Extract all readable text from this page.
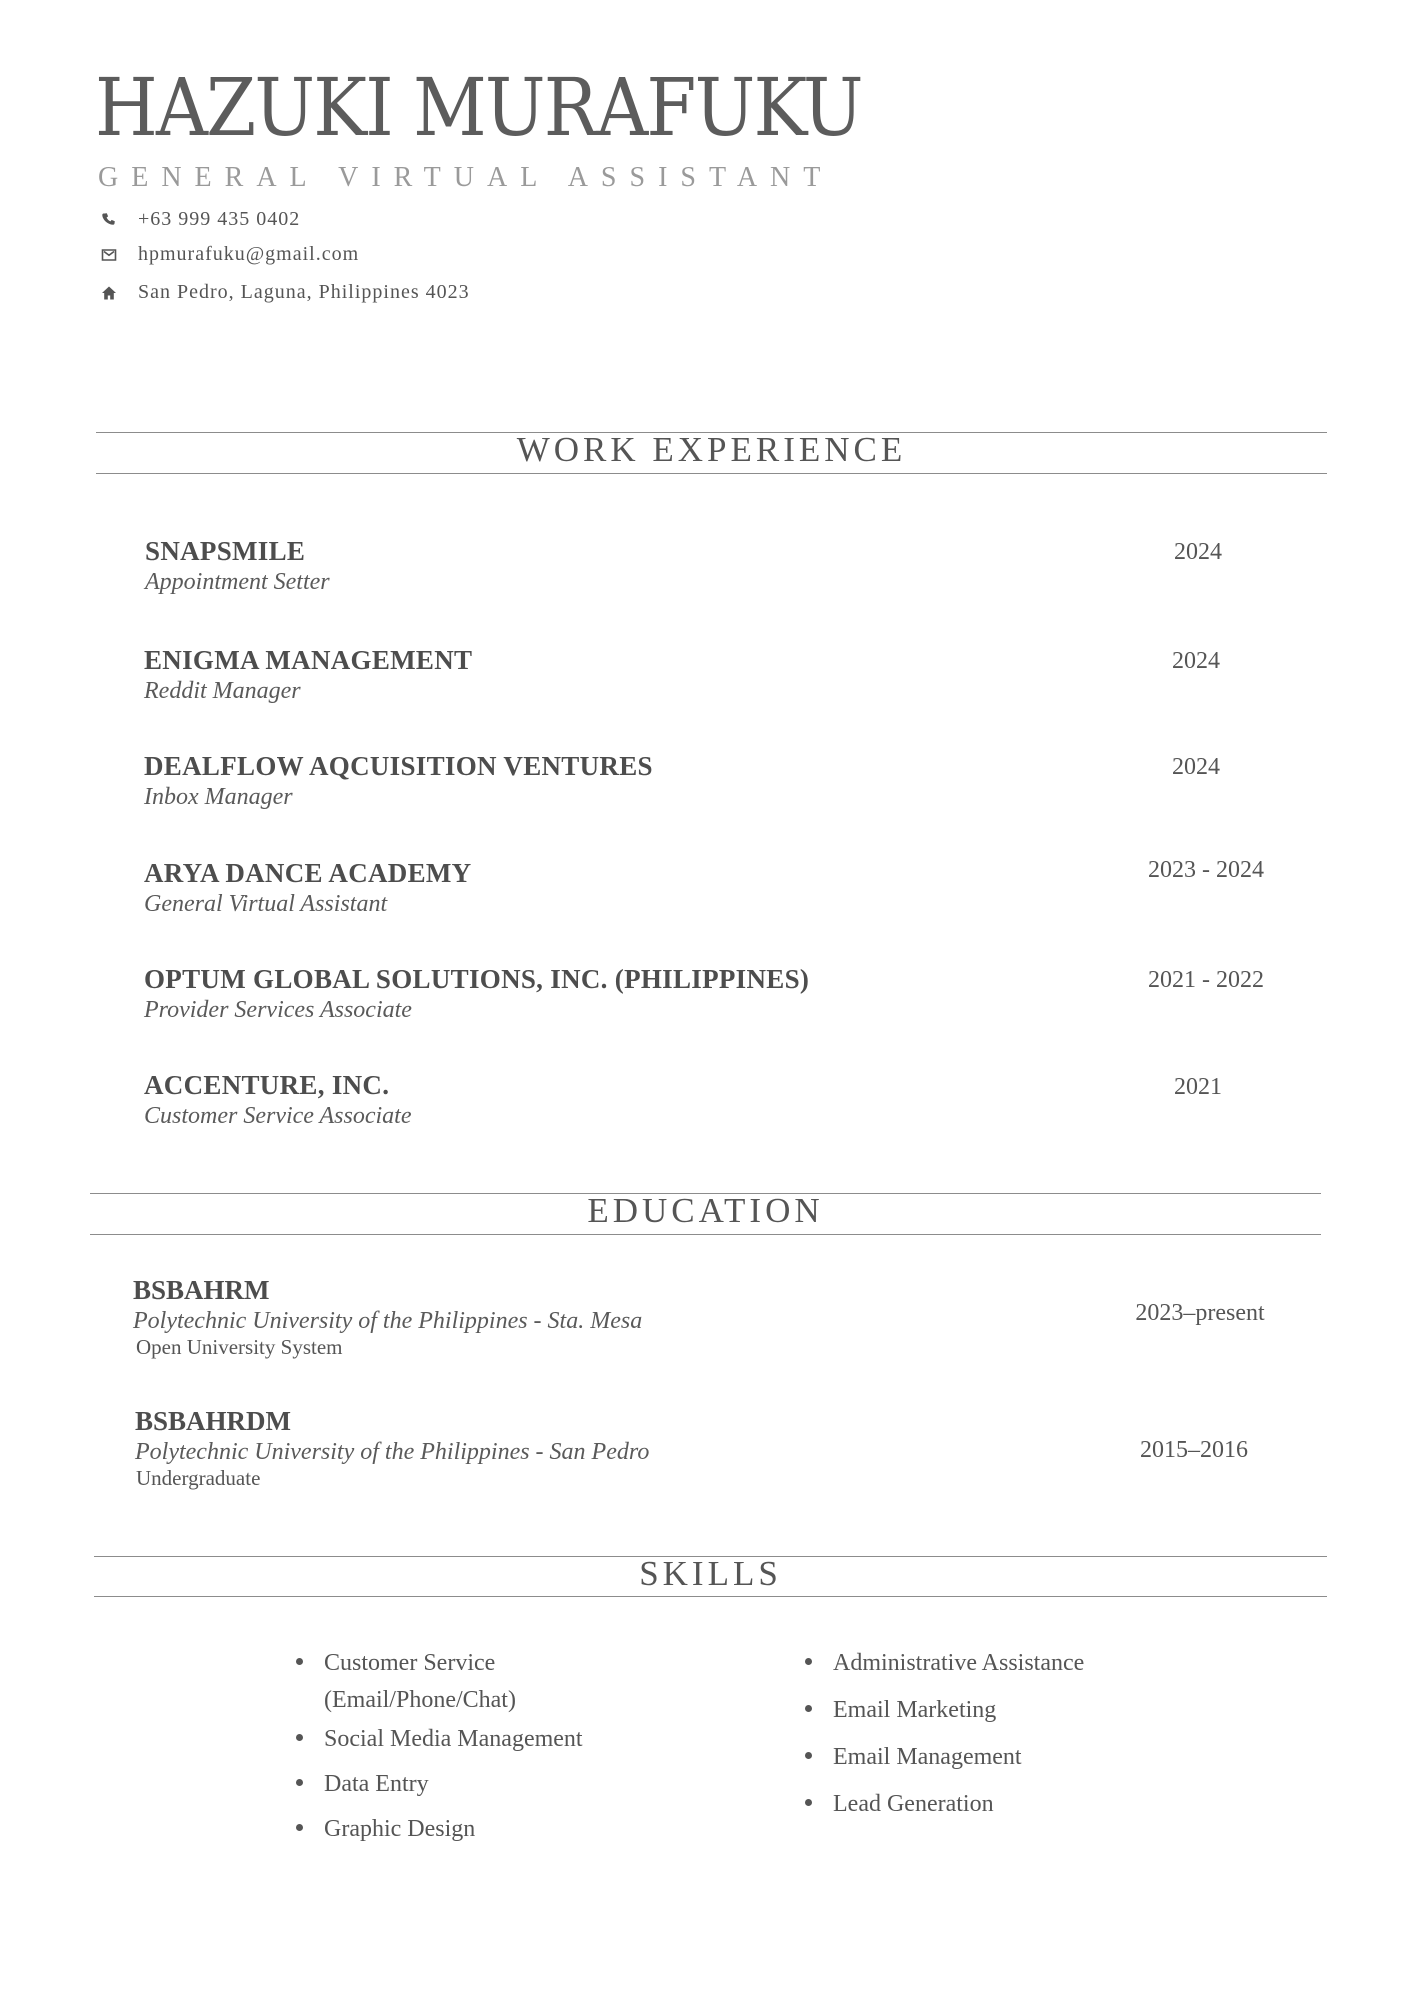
HAZUKI MURAFUKU
GENERAL VIRTUAL ASSISTANT
+63 999 435 0402
hpmurafuku@gmail.com
San Pedro, Laguna, Philippines 4023
WORK EXPERIENCE
SNAPSMILE
Appointment Setter
2024
ENIGMA MANAGEMENT
Reddit Manager
2024
DEALFLOW AQCUISITION VENTURES
Inbox Manager
2024
ARYA DANCE ACADEMY
General Virtual Assistant
2023 - 2024
OPTUM GLOBAL SOLUTIONS, INC. (PHILIPPINES)
Provider Services Associate
2021 - 2022
ACCENTURE, INC.
Customer Service Associate
2021
EDUCATION
BSBAHRM
Polytechnic University of the Philippines - Sta. Mesa
Open University System
2023–present
BSBAHRDM
Polytechnic University of the Philippines - San Pedro
Undergraduate
2015–2016
SKILLS
Customer Service (Email/Phone/Chat)
Social Media Management
Data Entry
Graphic Design
Administrative Assistance
Email Marketing
Email Management
Lead Generation
